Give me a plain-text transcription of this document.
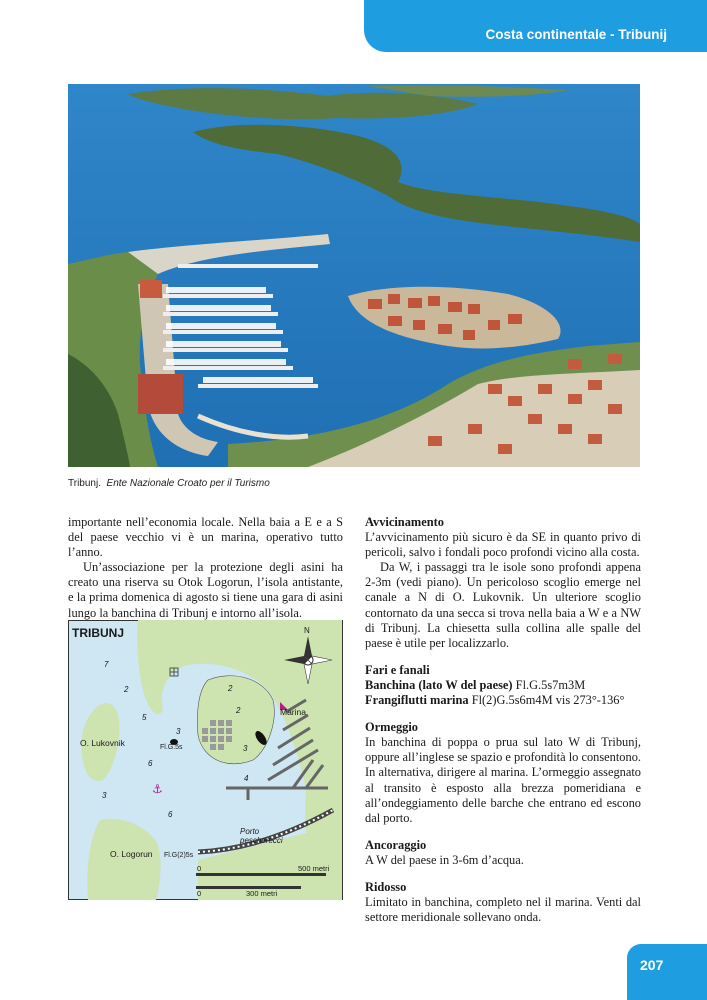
Costa continentale - Tribunij
Tribunj. Ente Nazionale Croato per il Turismo

importante nell’economia locale. Nella baia a E e a S del paese vecchio vi è un marina, operativo tutto l’anno.

Un’associazione per la protezione degli asini ha creato una riserva su Otok Logorun, l’isola antistante, e la prima domenica di agosto si tiene una gara di asini lungo la banchina di Tribunj e intorno all’isola.

⚓
TRIBUNJ	N
O. Lukovnik
O. Logorun
Marina
Porto
pescherecci
Fl.G.5s
Fl.G(2)5s
0	500 metri
0	300 metri
7
2
5
3
6
3
6
2
2
3
4

Avvicinamento

L’avvicinamento più sicuro è da SE in quanto privo di pericoli, salvo i fondali poco profondi vicino alla costa.

Da W, i passaggi tra le isole sono profondi appena 2-3m (vedi piano). Un pericoloso scoglio emerge nel canale a N di O. Lukovnik. Un ulteriore scoglio contornato da una secca si trova nella baia a W e a NW di Tribunj. La chiesetta sulla collina alle spalle del paese è utile per localizzarlo.

Fari e fanali

Banchina (lato W del paese) Fl.G.5s7m3M

Frangiflutti marina Fl(2)G.5s6m4M vis 273°-136°

Ormeggio

In banchina di poppa o prua sul lato W di Tribunj, oppure all’inglese se spazio e profondità lo consentono. In alternativa, dirigere al marina. L’ormeggio assegnato al transito è esposto alla brezza pomeridiana e all’ondeggiamento delle barche che entrano ed escono dal porto.

Ancoraggio

A W del paese in 3-6m d’acqua.

Ridosso

Limitato in banchina, completo nel il marina. Venti dal settore meridionale sollevano onda.

207
